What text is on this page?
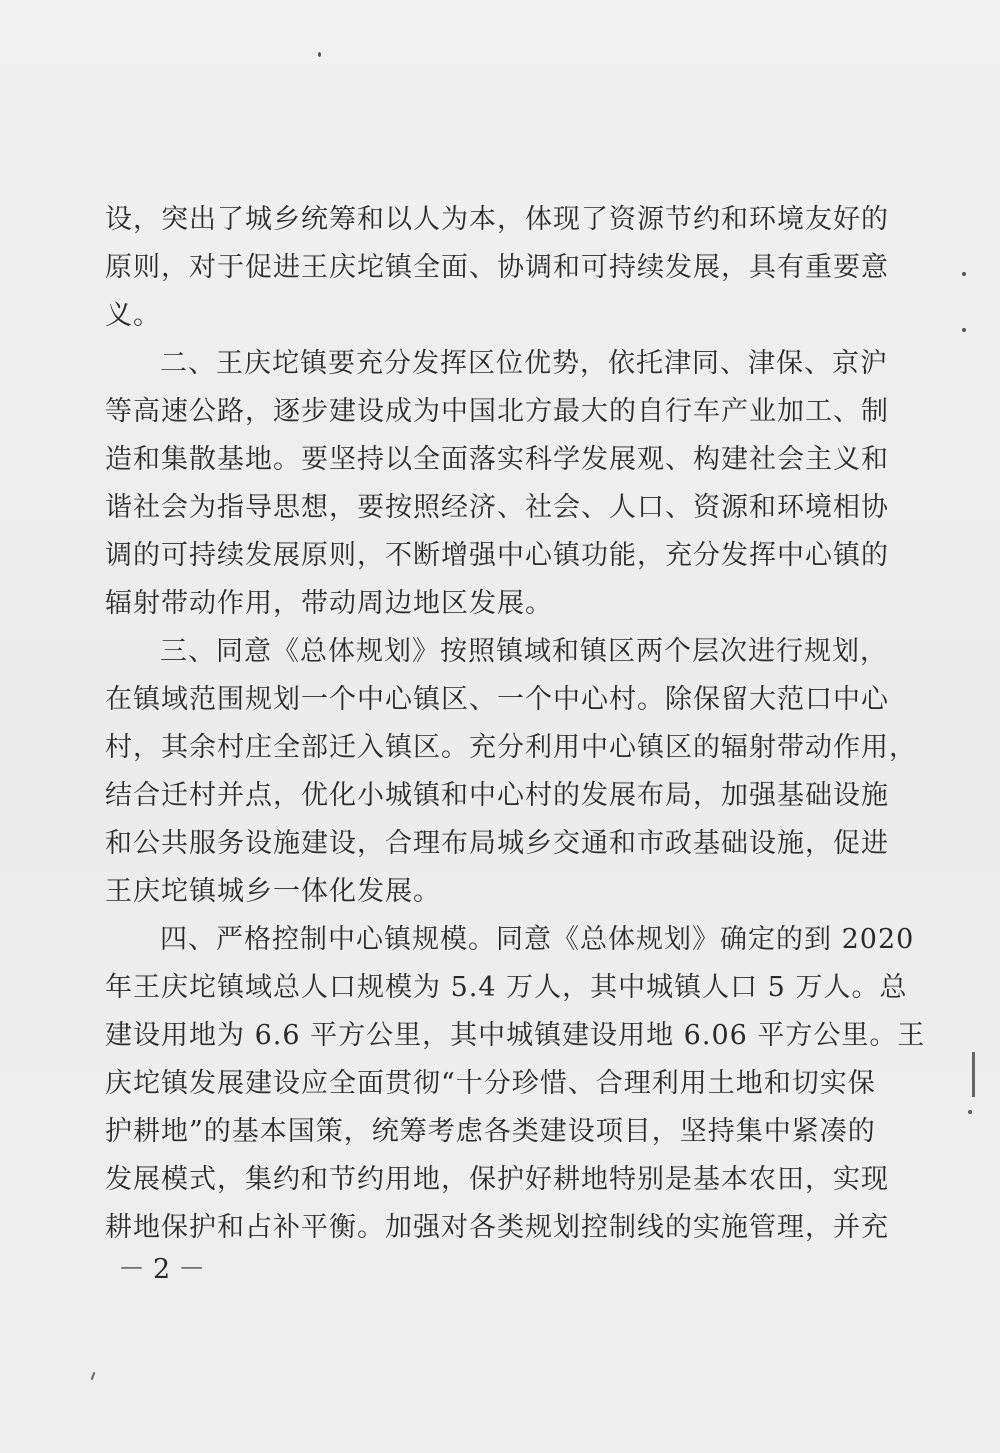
设，突出了城乡统筹和以人为本，体现了资源节约和环境友好的
原则，对于促进王庆坨镇全面、协调和可持续发展，具有重要意
义。
二、王庆坨镇要充分发挥区位优势，依托津同、津保、京沪
等高速公路，逐步建设成为中国北方最大的自行车产业加工、制
造和集散基地。要坚持以全面落实科学发展观、构建社会主义和
谐社会为指导思想，要按照经济、社会、人口、资源和环境相协
调的可持续发展原则，不断增强中心镇功能，充分发挥中心镇的
辐射带动作用，带动周边地区发展。
三、同意《总体规划》按照镇域和镇区两个层次进行规划，
在镇域范围规划一个中心镇区、一个中心村。除保留大范口中心
村，其余村庄全部迁入镇区。充分利用中心镇区的辐射带动作用，
结合迁村并点，优化小城镇和中心村的发展布局，加强基础设施
和公共服务设施建设，合理布局城乡交通和市政基础设施，促进
王庆坨镇城乡一体化发展。
四、严格控制中心镇规模。同意《总体规划》确定的到 2020
年王庆坨镇域总人口规模为 5.4 万人，其中城镇人口 5 万人。总
建设用地为 6.6 平方公里，其中城镇建设用地 6.06 平方公里。王
庆坨镇发展建设应全面贯彻“十分珍惜、合理利用土地和切实保
护耕地”的基本国策，统筹考虑各类建设项目，坚持集中紧凑的
发展模式，集约和节约用地，保护好耕地特别是基本农田，实现
耕地保护和占补平衡。加强对各类规划控制线的实施管理，并充
－2－
